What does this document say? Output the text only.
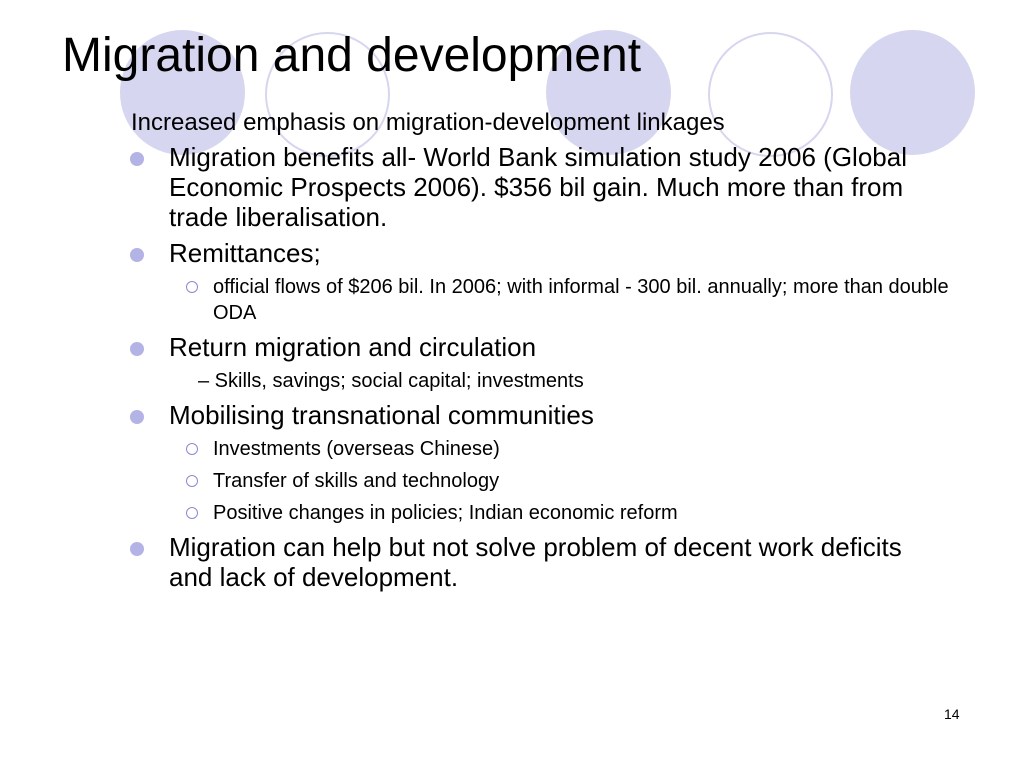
Migration and development
Increased emphasis on migration-development linkages
Migration benefits all- World Bank simulation study 2006 (Global Economic Prospects 2006). $356 bil gain. Much more than from trade liberalisation.
Remittances;
official flows of $206 bil. In 2006; with informal - 300 bil. annually; more than double ODA
Return migration and circulation
– Skills, savings; social capital; investments
Mobilising transnational communities
Investments (overseas Chinese)
Transfer of skills and technology
Positive changes in policies; Indian economic reform
Migration can help but not solve problem of decent work deficits and lack of development.
14
